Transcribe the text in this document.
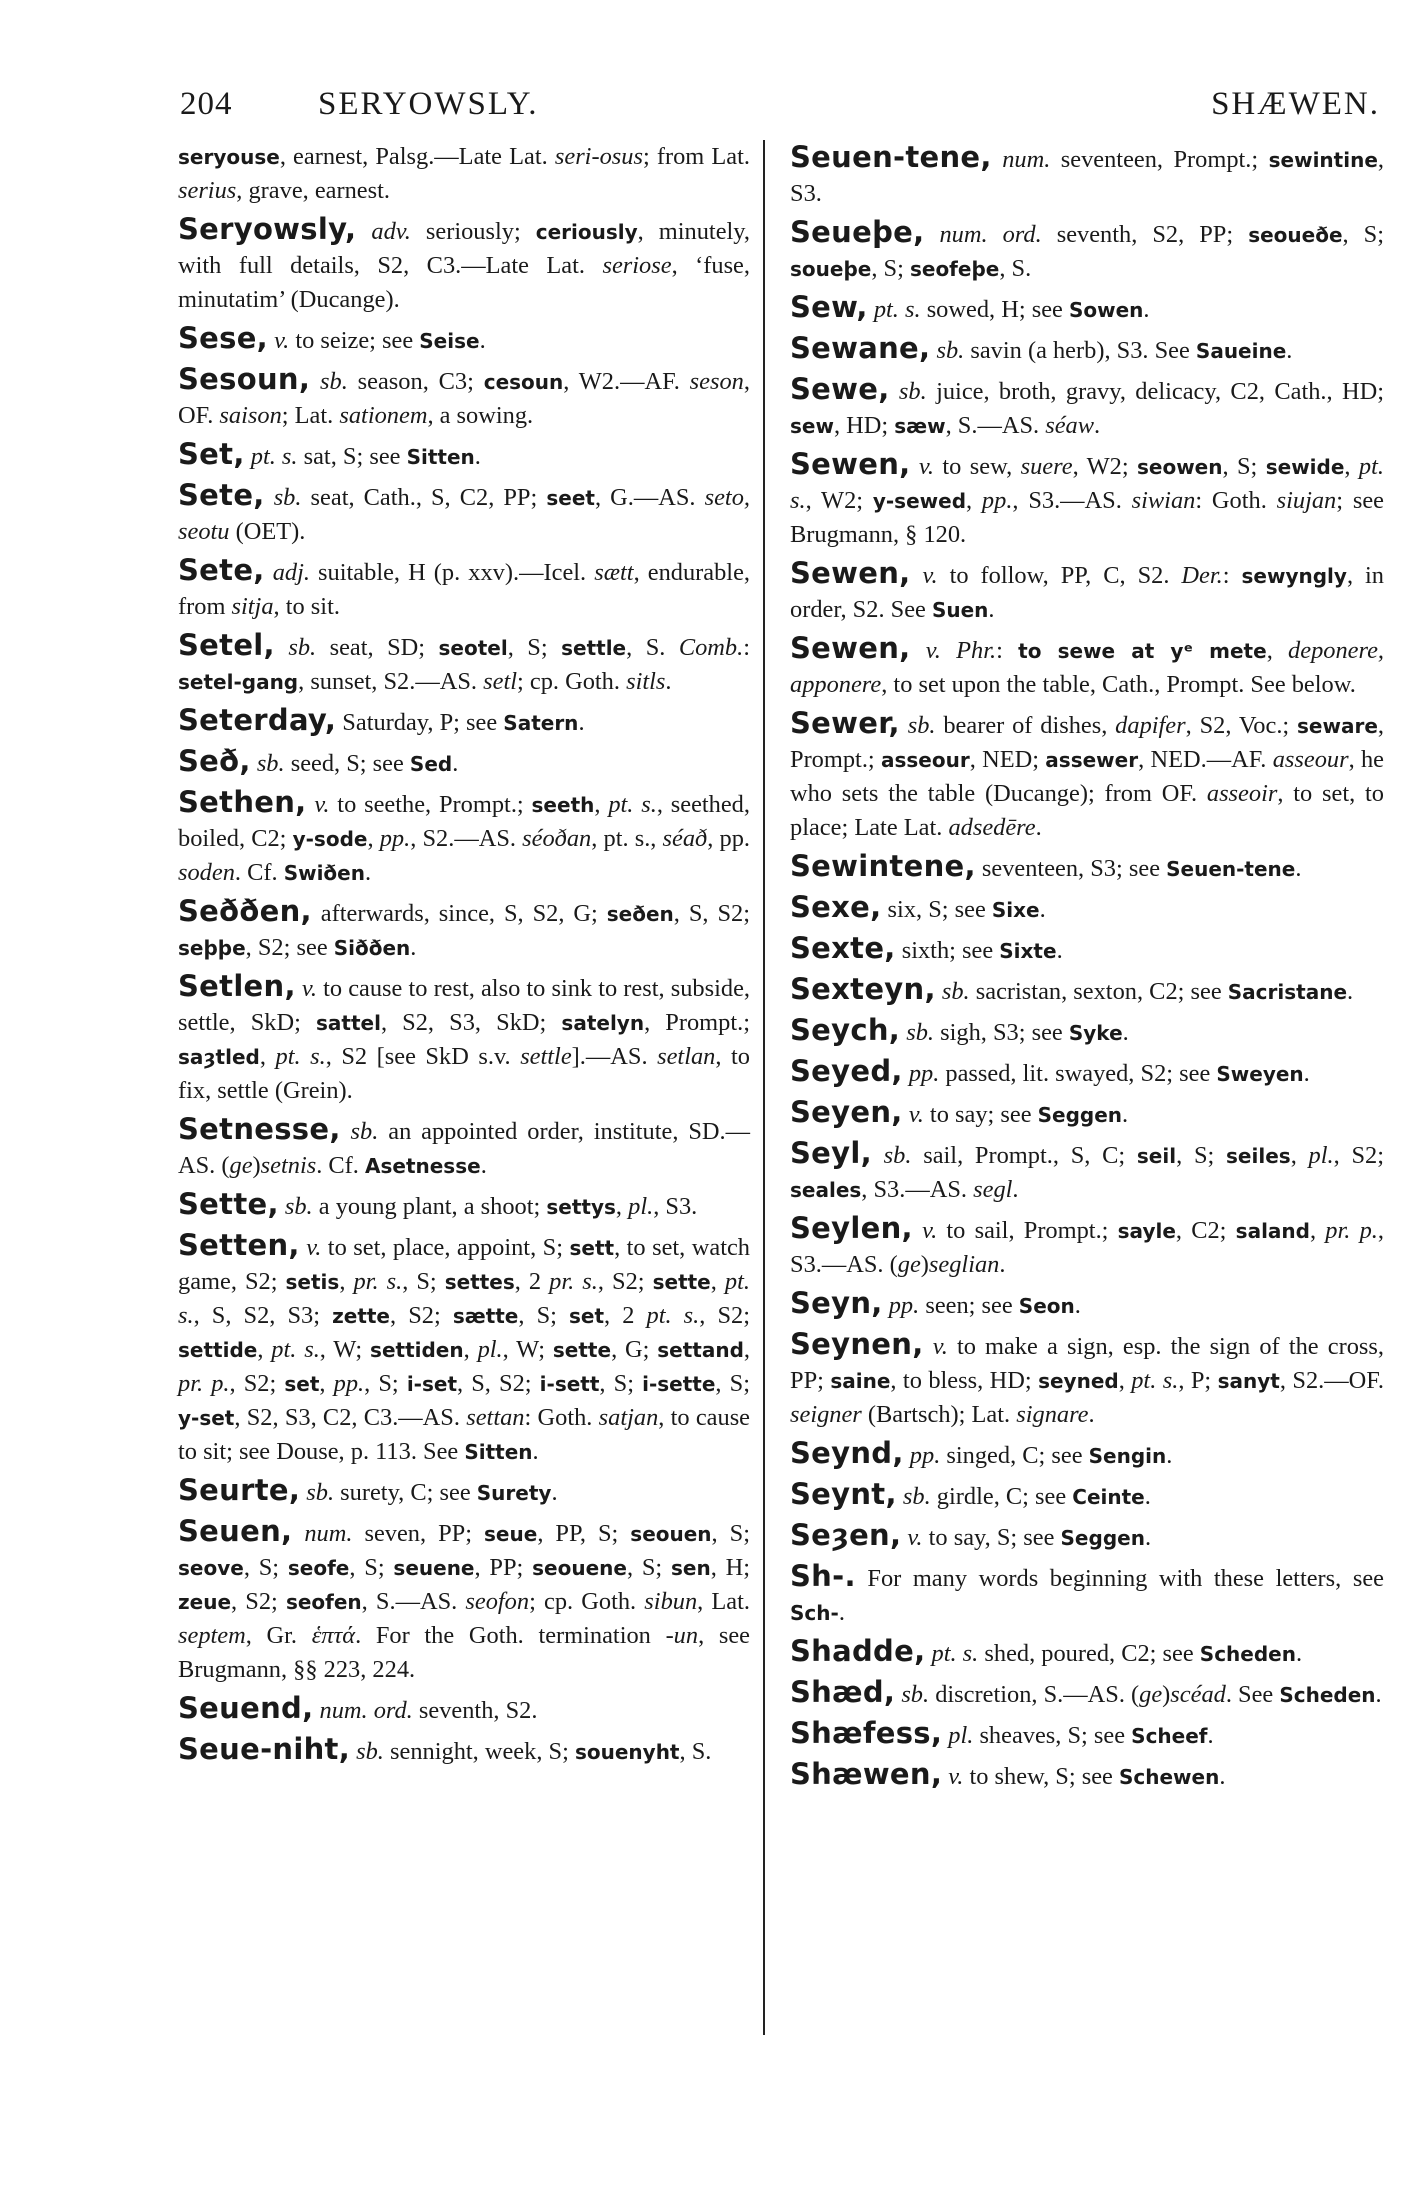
204	SERYOWSLY.	SHÆWEN.

seryouse, earnest, Palsg.—Late Lat. seri-osus; from Lat. serius, grave, earnest.

Seryowsly, adv. seriously; ceriously, minutely, with full details, S2, C3.—Late Lat. seriose, ‘fuse, minutatim’ (Ducange).

Sese, v. to seize; see Seise.

Sesoun, sb. season, C3; cesoun, W2.—AF. seson, OF. saison; Lat. sationem, a sowing.

Set, pt. s. sat, S; see Sitten.

Sete, sb. seat, Cath., S, C2, PP; seet, G.—AS. seto, seotu (OET).

Sete, adj. suitable, H (p. xxv).—Icel. sætt, endurable, from sitja, to sit.

Setel, sb. seat, SD; seotel, S; settle, S. Comb.: setel-gang, sunset, S2.—AS. setl; cp. Goth. sitls.

Seterday, Saturday, P; see Satern.

Seð, sb. seed, S; see Sed.

Sethen, v. to seethe, Prompt.; seeth, pt. s., seethed, boiled, C2; y-sode, pp., S2.—AS. séoðan, pt. s., séað, pp. soden. Cf. Swiðen.

Seððen, afterwards, since, S, S2, G; seðen, S, S2; seþþe, S2; see Siððen.

Setlen, v. to cause to rest, also to sink to rest, subside, settle, SkD; sattel, S2, S3, SkD; satelyn, Prompt.; saȝtled, pt. s., S2 [see SkD s.v. settle].—AS. setlan, to fix, settle (Grein).

Setnesse, sb. an appointed order, institute, SD.—AS. (ge)setnis. Cf. Asetnesse.

Sette, sb. a young plant, a shoot; settys, pl., S3.

Setten, v. to set, place, appoint, S; sett, to set, watch game, S2; setis, pr. s., S; settes, 2 pr. s., S2; sette, pt. s., S, S2, S3; zette, S2; sætte, S; set, 2 pt. s., S2; settide, pt. s., W; settiden, pl., W; sette, G; settand, pr. p., S2; set, pp., S; i-set, S, S2; i-sett, S; i-sette, S; y-set, S2, S3, C2, C3.—AS. settan: Goth. satjan, to cause to sit; see Douse, p. 113. See Sitten.

Seurte, sb. surety, C; see Surety.

Seuen, num. seven, PP; seue, PP, S; seouen, S; seove, S; seofe, S; seuene, PP; seouene, S; sen, H; zeue, S2; seofen, S.—AS. seofon; cp. Goth. sibun, Lat. septem, Gr. ἑπτά. For the Goth. termination -un, see Brugmann, §§ 223, 224.

Seuend, num. ord. seventh, S2.

Seue-niht, sb. sennight, week, S; souenyht, S.

Seuen-tene, num. seventeen, Prompt.; sewintine, S3.

Seueþe, num. ord. seventh, S2, PP; seoueðe, S; soueþe, S; seofeþe, S.

Sew, pt. s. sowed, H; see Sowen.

Sewane, sb. savin (a herb), S3. See Saueine.

Sewe, sb. juice, broth, gravy, delicacy, C2, Cath., HD; sew, HD; sæw, S.—AS. séaw.

Sewen, v. to sew, suere, W2; seowen, S; sewide, pt. s., W2; y-sewed, pp., S3.—AS. siwian: Goth. siujan; see Brugmann, § 120.

Sewen, v. to follow, PP, C, S2. Der.: sewyngly, in order, S2. See Suen.

Sewen, v. Phr.: to sewe at yᵉ mete, deponere, apponere, to set upon the table, Cath., Prompt. See below.

Sewer, sb. bearer of dishes, dapifer, S2, Voc.; seware, Prompt.; asseour, NED; assewer, NED.—AF. asseour, he who sets the table (Ducange); from OF. asseoir, to set, to place; Late Lat. adsedēre.

Sewintene, seventeen, S3; see Seuen-tene.

Sexe, six, S; see Sixe.

Sexte, sixth; see Sixte.

Sexteyn, sb. sacristan, sexton, C2; see Sacristane.

Seych, sb. sigh, S3; see Syke.

Seyed, pp. passed, lit. swayed, S2; see Sweyen.

Seyen, v. to say; see Seggen.

Seyl, sb. sail, Prompt., S, C; seil, S; seiles, pl., S2; seales, S3.—AS. segl.

Seylen, v. to sail, Prompt.; sayle, C2; saland, pr. p., S3.—AS. (ge)seglian.

Seyn, pp. seen; see Seon.

Seynen, v. to make a sign, esp. the sign of the cross, PP; saine, to bless, HD; seyned, pt. s., P; sanyt, S2.—OF. seigner (Bartsch); Lat. signare.

Seynd, pp. singed, C; see Sengin.

Seynt, sb. girdle, C; see Ceinte.

Seȝen, v. to say, S; see Seggen.

Sh-. For many words beginning with these letters, see Sch-.

Shadde, pt. s. shed, poured, C2; see Scheden.

Shæd, sb. discretion, S.—AS. (ge)scéad. See Scheden.

Shæfess, pl. sheaves, S; see Scheef.

Shæwen, v. to shew, S; see Schewen.
